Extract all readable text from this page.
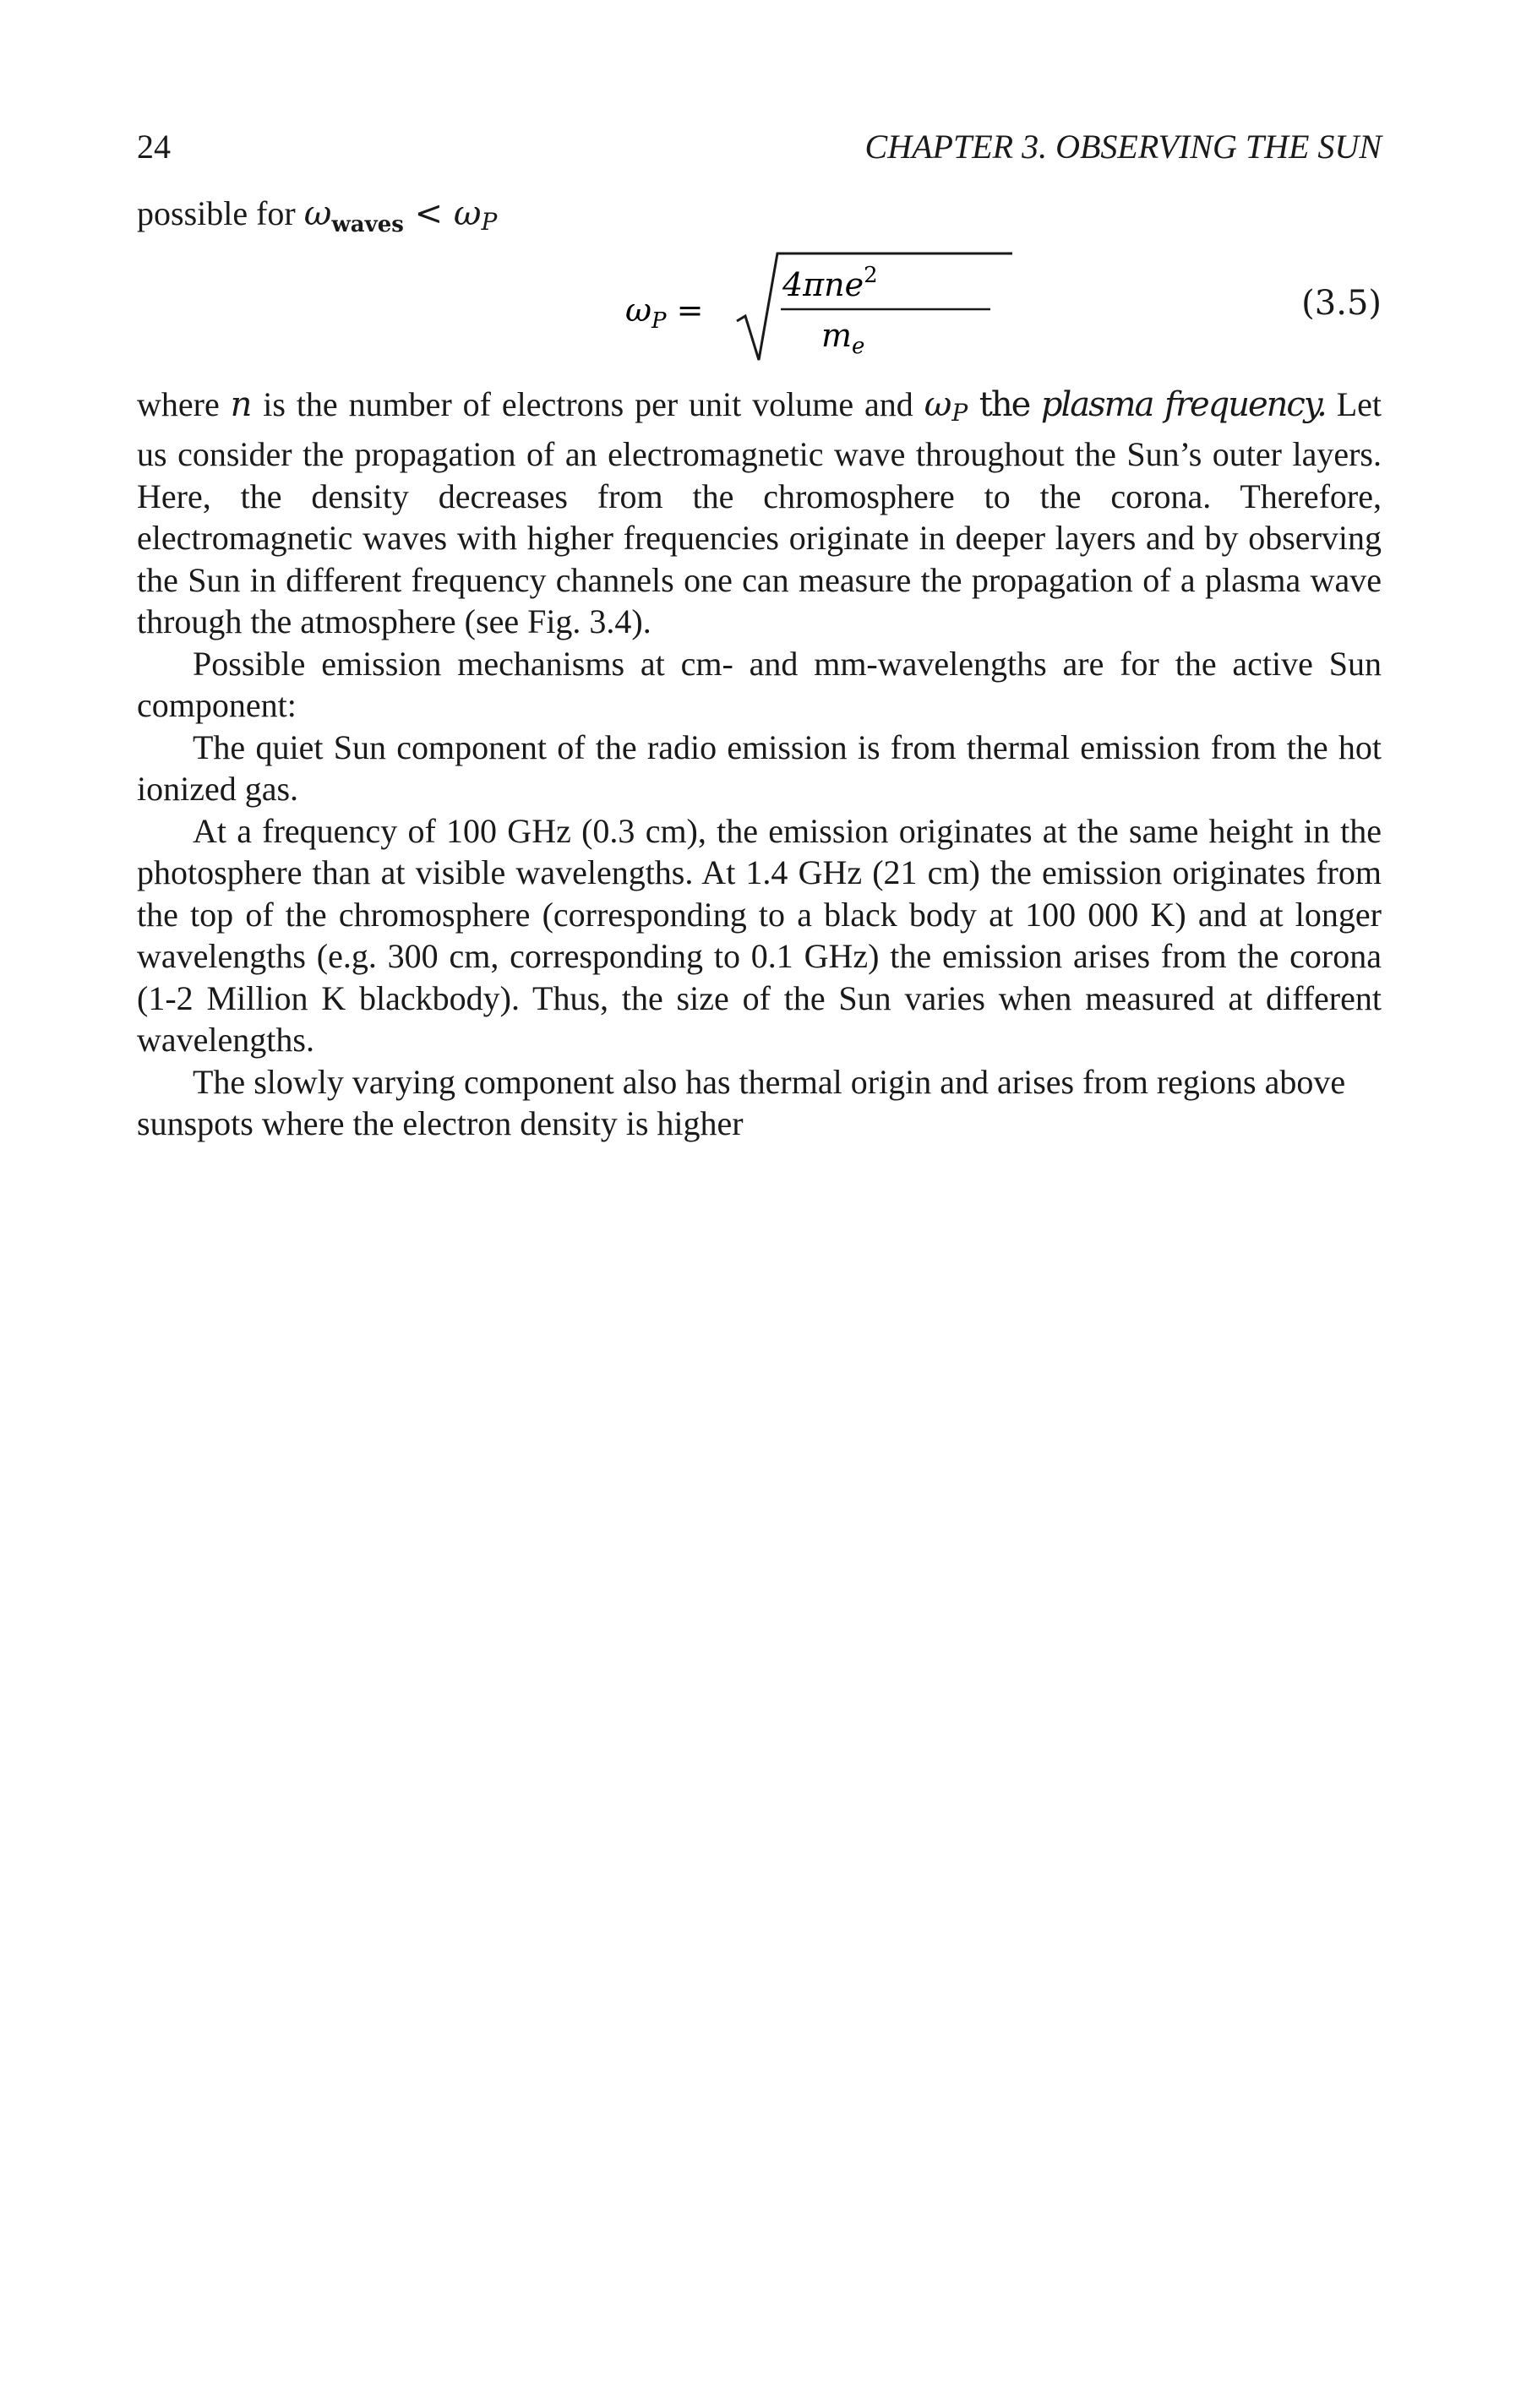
24	CHAPTER 3. OBSERVING THE SUN

possible for $\omega_{waves} < \omega P$

$\omega_P$ =
4πne$^2$
$m_e$
(3.5)

where n is the number of electrons per unit volume and ωP the plasma frequency. Let us consider the propagation of an electromagnetic wave throughout the Sun’s outer layers. Here, the density decreases from the chromosphere to the corona. Therefore, electromagnetic waves with higher frequencies originate in deeper layers and by observing the Sun in different frequency channels one can measure the propagation of a plasma wave through the atmosphere (see Fig. 3.4).

Possible emission mechanisms at cm- and mm-wavelengths are for the active Sun component:

The quiet Sun component of the radio emission is from thermal emission from the hot ionized gas.

At a frequency of 100 GHz (0.3 cm), the emission originates at the same height in the photosphere than at visible wavelengths. At 1.4 GHz (21 cm) the emission originates from the top of the chromosphere (corresponding to a black body at 100 000 K) and at longer wavelengths (e.g. 300 cm, corresponding to 0.1 GHz) the emission arises from the corona (1-2 Million K blackbody). Thus, the size of the Sun varies when measured at different wavelengths.

The slowly varying component also has thermal origin and arises from regions above sunspots where the electron density is higher
